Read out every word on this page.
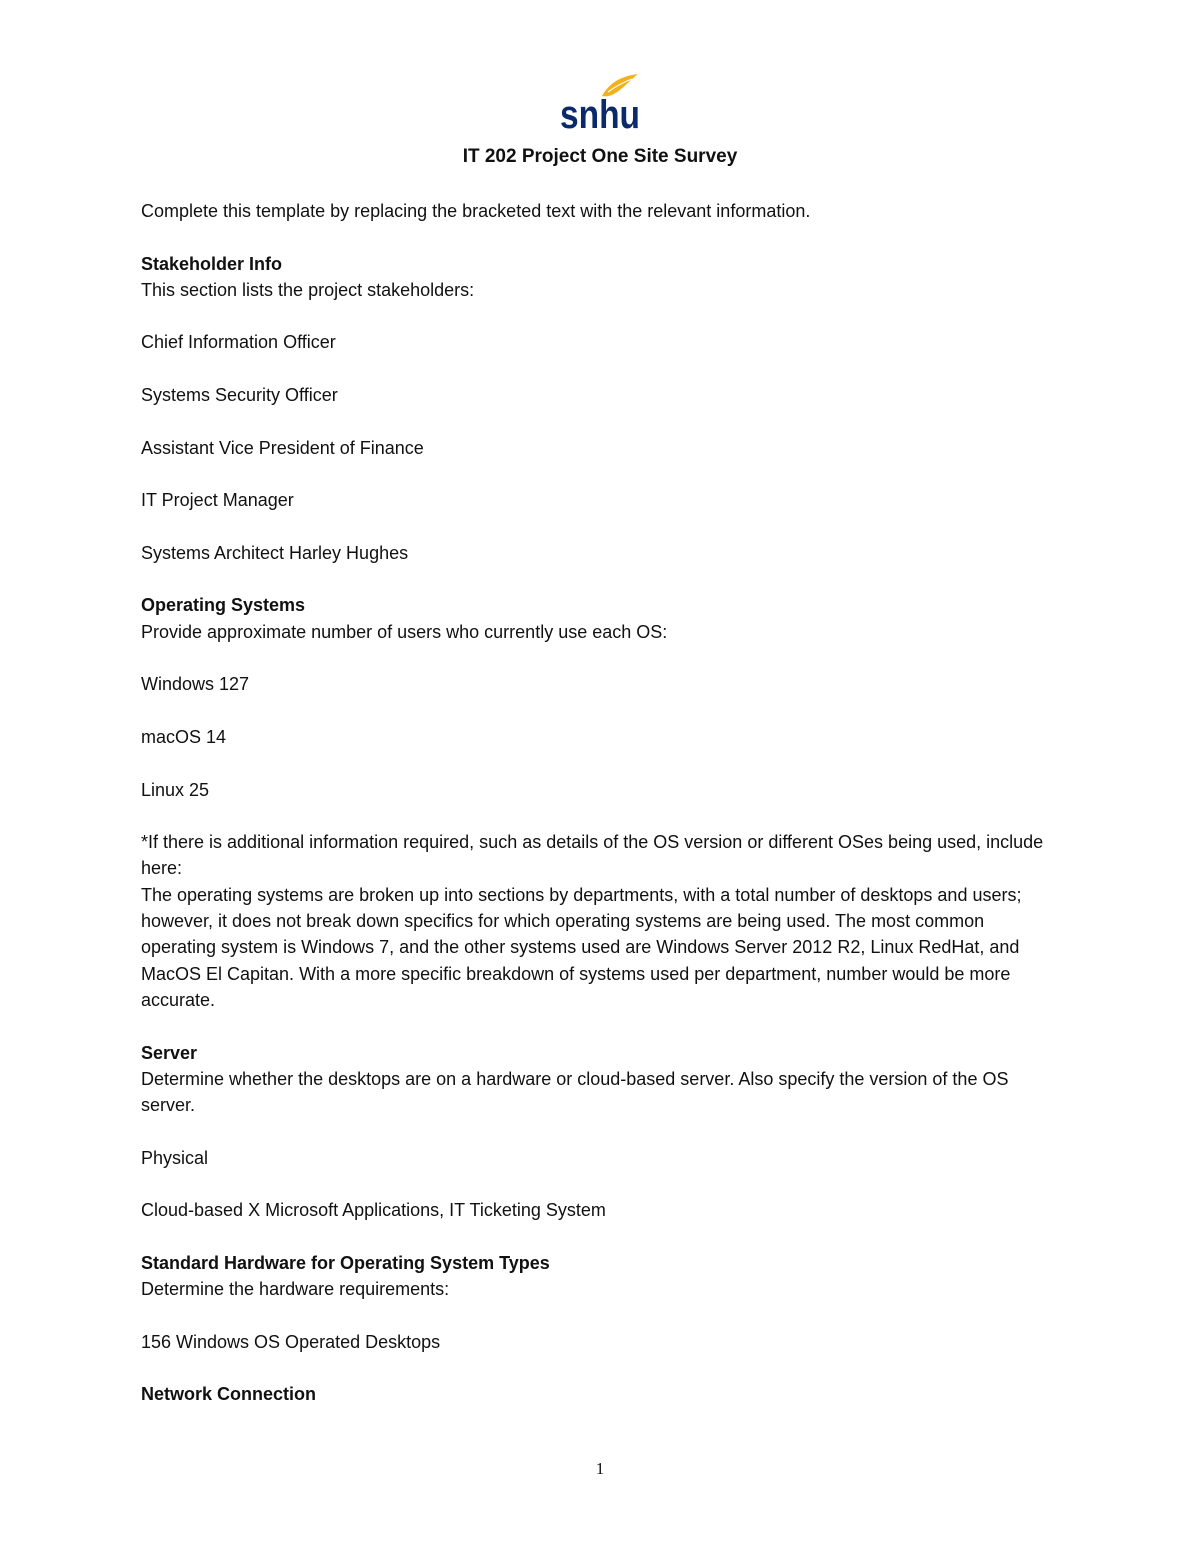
snhu
IT 202 Project One Site Survey

Complete this template by replacing the bracketed text with the relevant information.

Stakeholder Info

This section lists the project stakeholders:

Chief Information Officer

Systems Security Officer

Assistant Vice President of Finance

IT Project Manager

Systems Architect Harley Hughes

Operating Systems

Provide approximate number of users who currently use each OS:

Windows 127

macOS 14

Linux 25

*If there is additional information required, such as details of the OS version or different OSes being used, include here:

The operating systems are broken up into sections by departments, with a total number of desktops and users; however, it does not break down specifics for which operating systems are being used. The most common operating system is Windows 7, and the other systems used are Windows Server 2012 R2, Linux RedHat, and MacOS El Capitan. With a more specific breakdown of systems used per department, number would be more accurate.

Server

Determine whether the desktops are on a hardware or cloud-based server. Also specify the version of the OS server.

Physical

Cloud-based X Microsoft Applications, IT Ticketing System

Standard Hardware for Operating System Types

Determine the hardware requirements:

156 Windows OS Operated Desktops

Network Connection
1
